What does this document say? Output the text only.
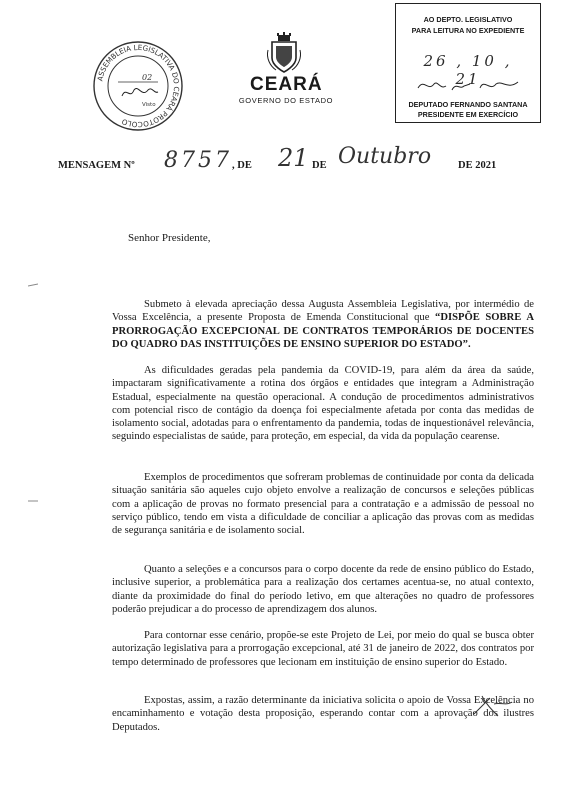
ASSEMBLEIA LEGISLATIVA DO CEARÁ PROTOCOLO
02
Visto
CEARÁ
GOVERNO DO ESTADO
AO DEPTO. LEGISLATIVO
PARA LEITURA NO EXPEDIENTE
26 , 10 , 21
DEPUTADO FERNANDO SANTANA
PRESIDENTE EM EXERCÍCIO
MENSAGEM Nº 8757 , DE 21 DE Outubro	DE 2021
Senhor Presidente,
Submeto à elevada apreciação dessa Augusta Assembleia Legislativa, por intermédio de Vossa Excelência, a presente Proposta de Emenda Constitucional que “DISPÕE SOBRE A PRORROGAÇÃO EXCEPCIONAL DE CONTRATOS TEMPORÁRIOS DE DOCENTES DO QUADRO DAS INSTITUIÇÕES DE ENSINO SUPERIOR DO ESTADO”.
As dificuldades geradas pela pandemia da COVID-19, para além da área da saúde, impactaram significativamente a rotina dos órgãos e entidades que integram a Administração Estadual, especialmente na questão operacional. A condução de procedimentos administrativos com potencial risco de contágio da doença foi especialmente afetada por conta das medidas de isolamento social, adotadas para o enfrentamento da pandemia, todas de inquestionável relevância, seguindo especialistas de saúde, para proteção, em especial, da vida da população cearense.
Exemplos de procedimentos que sofreram problemas de continuidade por conta da delicada situação sanitária são aqueles cujo objeto envolve a realização de concursos e seleções públicas com a aplicação de provas no formato presencial para a contratação e a admissão de pessoal no serviço público, tendo em vista a dificuldade de conciliar a aplicação das provas com as medidas de segurança sanitária e de isolamento social.
Quanto a seleções e a concursos para o corpo docente da rede de ensino público do Estado, inclusive superior, a problemática para a realização dos certames acentua-se, no atual contexto, diante da proximidade do final do período letivo, em que alterações no quadro de professores poderão prejudicar a do processo de aprendizagem dos alunos.
Para contornar esse cenário, propõe-se este Projeto de Lei, por meio do qual se busca obter autorização legislativa para a prorrogação excepcional, até 31 de janeiro de 2022, dos contratos por tempo determinado de professores que lecionam em instituição de ensino superior do Estado.
Expostas, assim, a razão determinante da iniciativa solicita o apoio de Vossa Excelência no encaminhamento e votação desta proposição, esperando contar com a aprovação dos ilustres Deputados.
